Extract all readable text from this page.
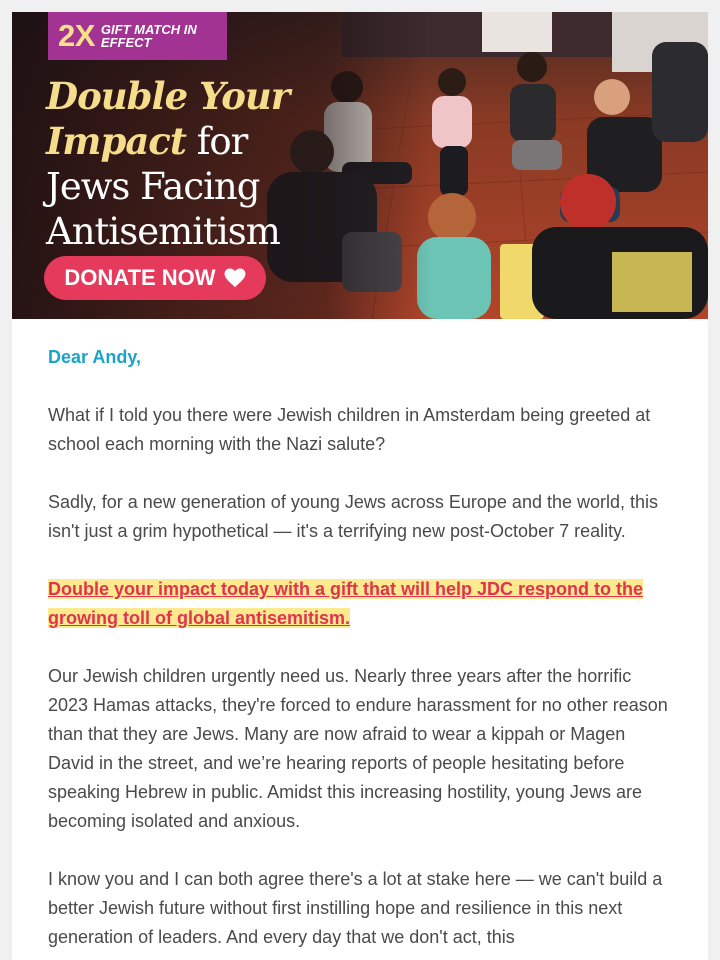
2X GIFT MATCH IN EFFECT
Double Your
Impact for
Jews Facing
Antisemitism
DONATE NOW

Dear Andy,

What if I told you there were Jewish children in Amsterdam being greeted at school each morning with the Nazi salute?

Sadly, for a new generation of young Jews across Europe and the world, this isn't just a grim hypothetical — it's a terrifying new post-October 7 reality.

Double your impact today with a gift that will help JDC respond to the growing toll of global antisemitism.

Our Jewish children urgently need us. Nearly three years after the horrific 2023 Hamas attacks, they're forced to endure harassment for no other reason than that they are Jews. Many are now afraid to wear a kippah or Magen David in the street, and we’re hearing reports of people hesitating before speaking Hebrew in public. Amidst this increasing hostility, young Jews are becoming isolated and anxious.

I know you and I can both agree there's a lot at stake here — we can't build a better Jewish future without first instilling hope and resilience in this next generation of leaders. And every day that we don't act, this
